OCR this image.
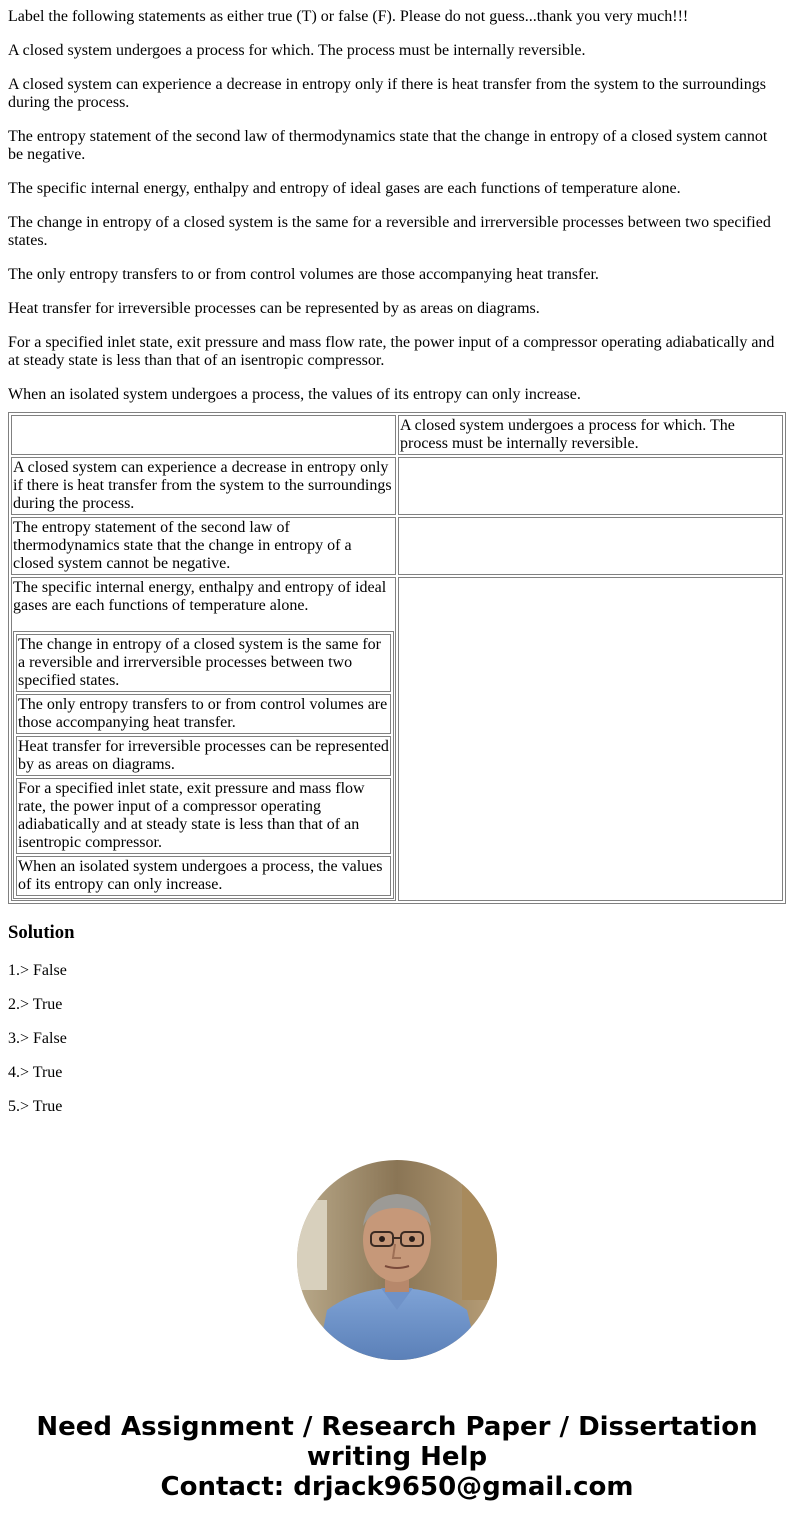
Label the following statements as either true (T) or false (F). Please do not guess...thank you very much!!!

A closed system undergoes a process for which. The process must be internally reversible.

A closed system can experience a decrease in entropy only if there is heat transfer from the system to the surroundings during the process.

The entropy statement of the second law of thermodynamics state that the change in entropy of a closed system cannot be negative.

The specific internal energy, enthalpy and entropy of ideal gases are each functions of temperature alone.

The change in entropy of a closed system is the same for a reversible and irrerversible processes between two specified states.

The only entropy transfers to or from control volumes are those accompanying heat transfer.

Heat transfer for irreversible processes can be represented by as areas on diagrams.

For a specified inlet state, exit pressure and mass flow rate, the power input of a compressor operating adiabatically and at steady state is less than that of an isentropic compressor.

When an isolated system undergoes a process, the values of its entropy can only increase.

	A closed system undergoes a process for which. The process must be internally reversible.
A closed system can experience a decrease in entropy only if there is heat transfer from the system to the surroundings during the process.	
The entropy statement of the second law of thermodynamics state that the change in entropy of a closed system cannot be negative.	

The specific internal energy, enthalpy and entropy of ideal gases are each functions of temperature alone.
The change in entropy of a closed system is the same for a reversible and irrerversible processes between two specified states.
The only entropy transfers to or from control volumes are those accompanying heat transfer.
Heat transfer for irreversible processes can be represented by as areas on diagrams.
For a specified inlet state, exit pressure and mass flow rate, the power input of a compressor operating adiabatically and at steady state is less than that of an isentropic compressor.
When an isolated system undergoes a process, the values of its entropy can only increase.

Solution

1.> False

2.> True

3.> False

4.> True

5.> True

Need Assignment / Research Paper / Dissertation writing Help
Contact: drjack9650@gmail.com
